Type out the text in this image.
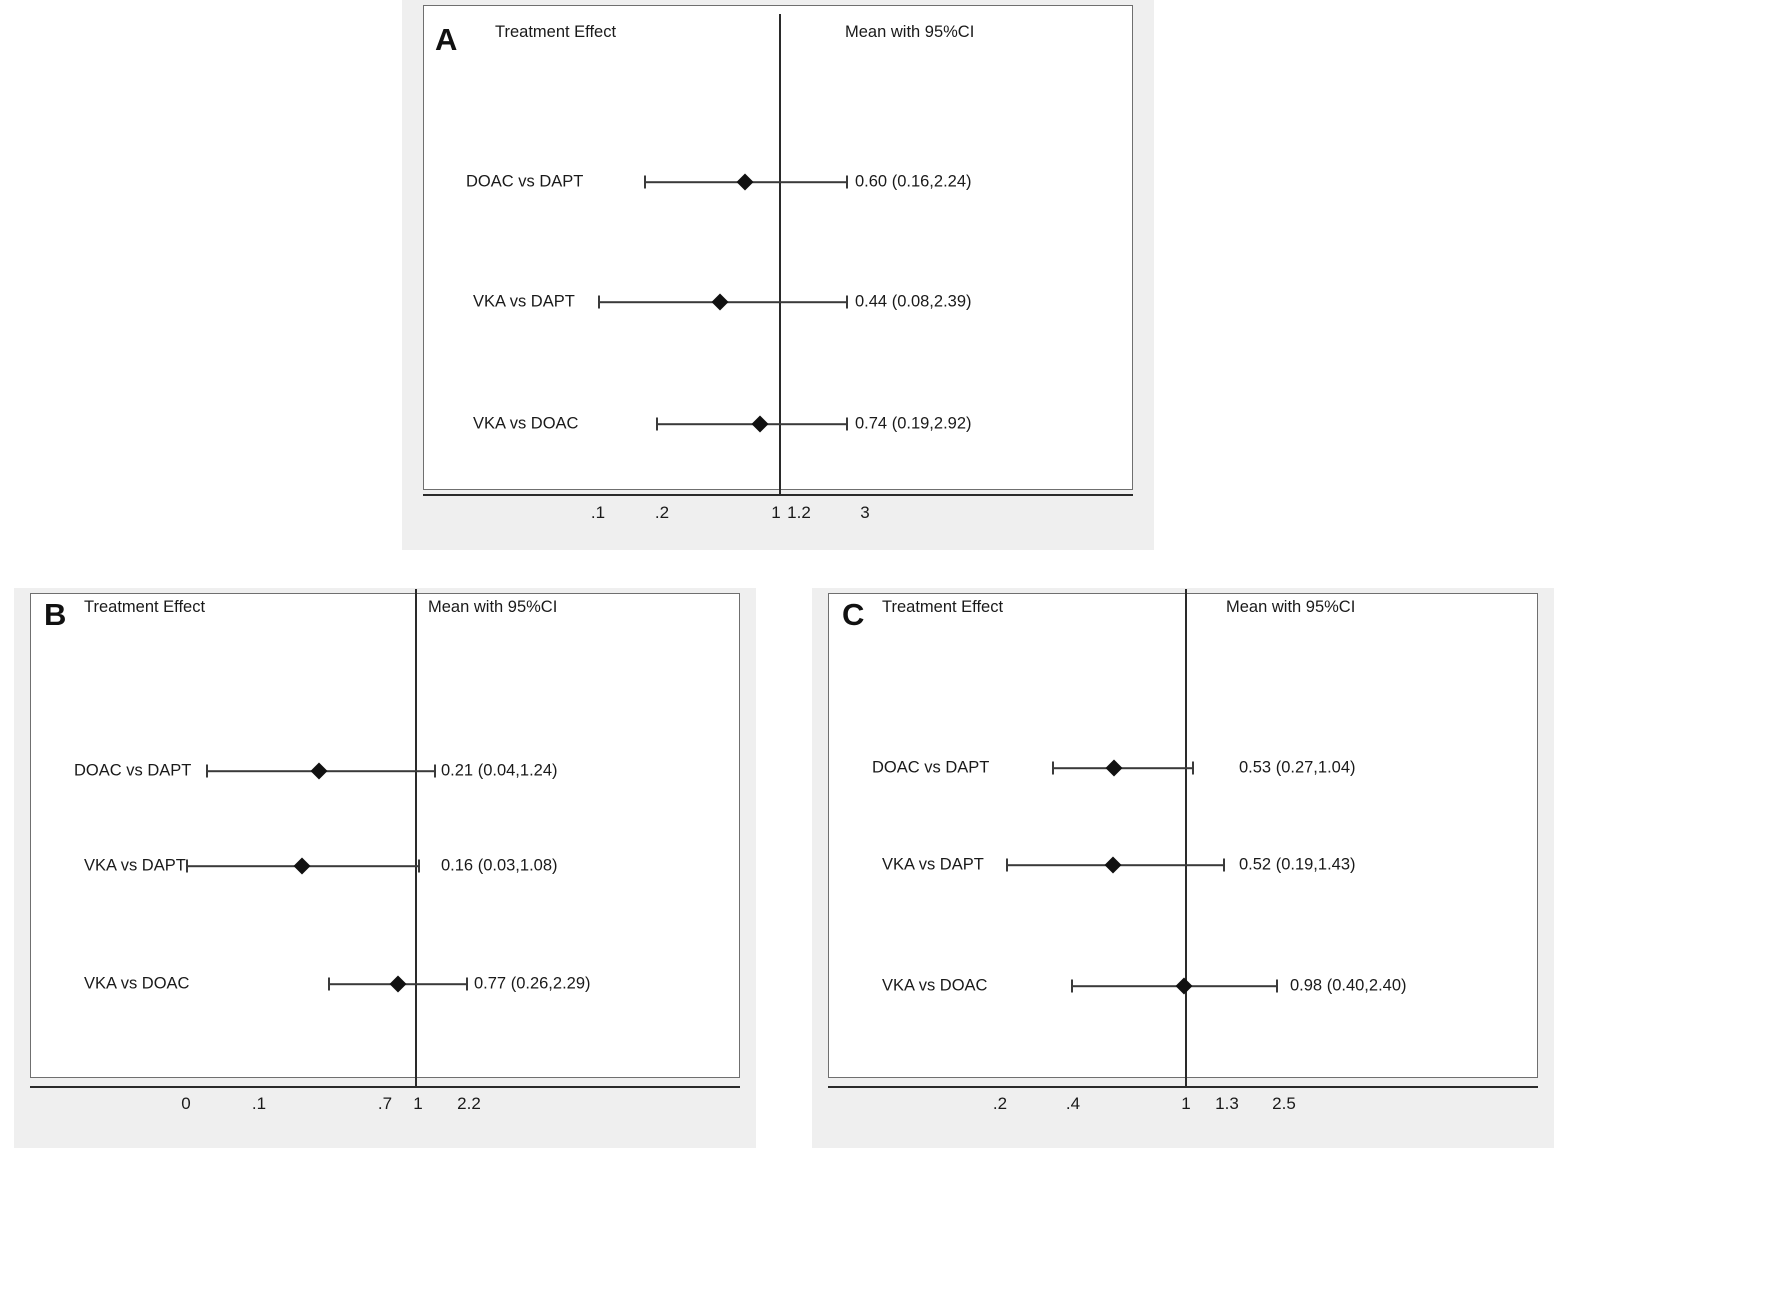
A Treatment Effect	Mean with 95%CI
.1	.2	1 1.2	3
DOAC vs DAPT	0.60 (0.16,2.24)
VKA vs DAPT	0.44 (0.08,2.39)
VKA vs DOAC	0.74 (0.19,2.92)
B Treatment Effect	Mean with 95%CI
0	.1	.7 1 2.2
DOAC vs DAPT	0.21 (0.04,1.24)
VKA vs DAPT	0.16 (0.03,1.08)
VKA vs DOAC	0.77 (0.26,2.29)
C Treatment Effect	Mean with 95%CI
.2	.4	1 1.3 2.5
DOAC vs DAPT	0.53 (0.27,1.04)
VKA vs DAPT	0.52 (0.19,1.43)
VKA vs DOAC	0.98 (0.40,2.40)
